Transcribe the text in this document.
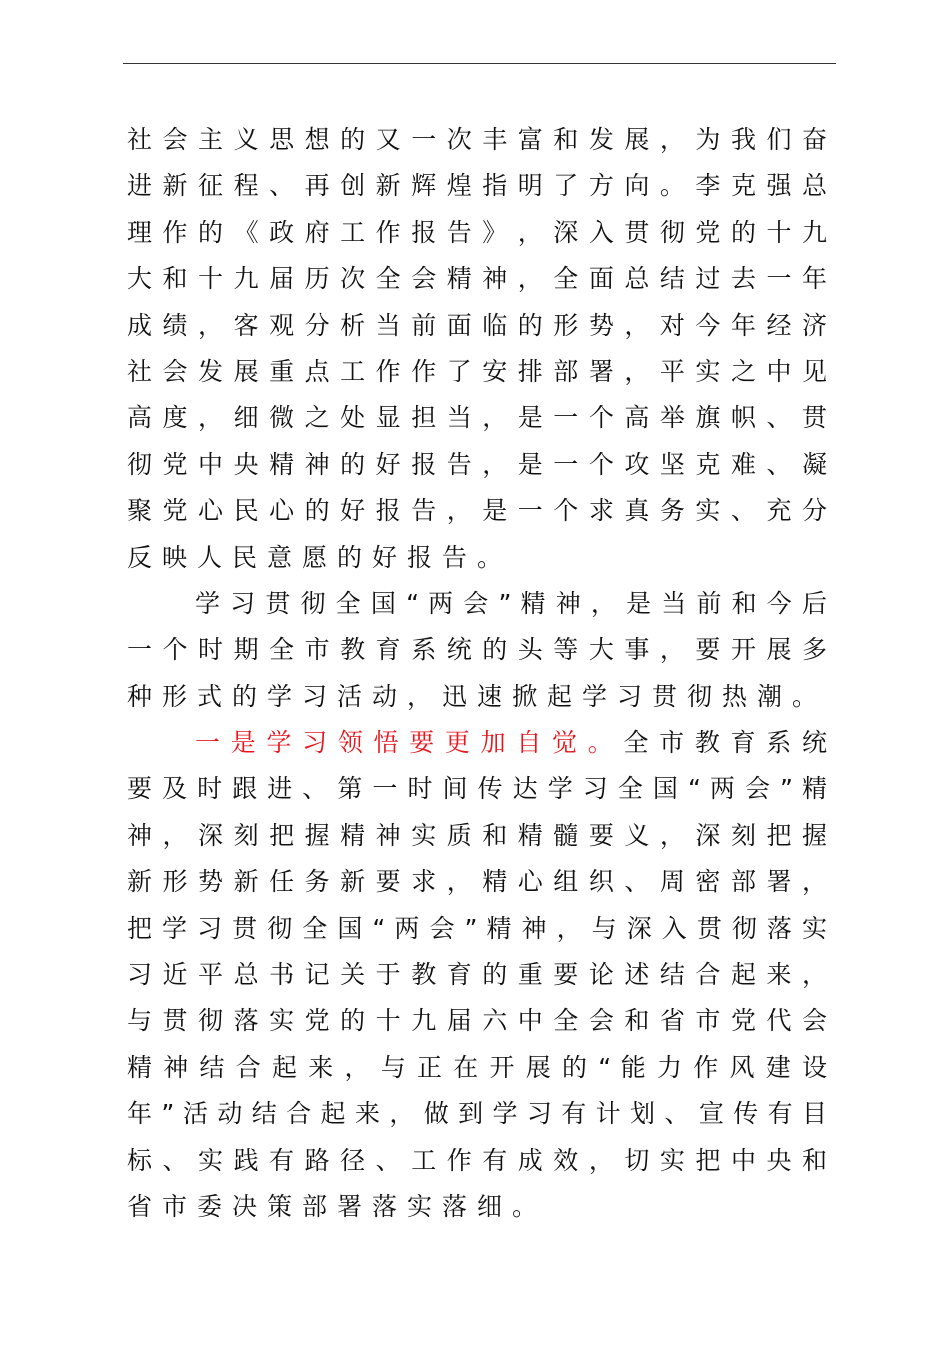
社 会 主 义 思 想 的 又 一 次 丰 富 和 发 展 ， 为 我 们 奋
进 新 征 程 、 再 创 新 辉 煌 指 明 了 方 向 。 李 克 强 总
理 作 的 《 政 府 工 作 报 告 》 ， 深 入 贯 彻 党 的 十 九
大 和 十 九 届 历 次 全 会 精 神 ， 全 面 总 结 过 去 一 年
成 绩 ， 客 观 分 析 当 前 面 临 的 形 势 ， 对 今 年 经 济
社 会 发 展 重 点 工 作 作 了 安 排 部 署 ， 平 实 之 中 见
高 度 ， 细 微 之 处 显 担 当 ， 是 一 个 高 举 旗 帜 、 贯
彻 党 中 央 精 神 的 好 报 告 ， 是 一 个 攻 坚 克 难 、 凝
聚 党 心 民 心 的 好 报 告 ， 是 一 个 求 真 务 实 、 充 分
反映人民意愿的好报告。
学 习 贯 彻 全 国 “ 两 会 ” 精 神 ， 是 当 前 和 今 后
一 个 时 期 全 市 教 育 系 统 的 头 等 大 事 ， 要 开 展 多
种形式的学习活动，迅速掀起学习贯彻热潮。
一 是 学 习 领 悟 要 更 加 自 觉 。 全 市 教 育 系 统
要 及 时 跟 进 、 第 一 时 间 传 达 学 习 全 国 “ 两 会 ” 精
神 ， 深 刻 把 握 精 神 实 质 和 精 髓 要 义 ， 深 刻 把 握
新 形 势 新 任 务 新 要 求 ， 精 心 组 织 、 周 密 部 署 ，
把 学 习 贯 彻 全 国 “ 两 会 ” 精 神 ， 与 深 入 贯 彻 落 实
习 近 平 总 书 记 关 于 教 育 的 重 要 论 述 结 合 起 来 ，
与 贯 彻 落 实 党 的 十 九 届 六 中 全 会 和 省 市 党 代 会
精 神 结 合 起 来 ， 与 正 在 开 展 的 “ 能 力 作 风 建 设
年 ” 活 动 结 合 起 来 ， 做 到 学 习 有 计 划 、 宣 传 有 目
标 、 实 践 有 路 径 、 工 作 有 成 效 ， 切 实 把 中 央 和
省市委决策部署落实落细。
